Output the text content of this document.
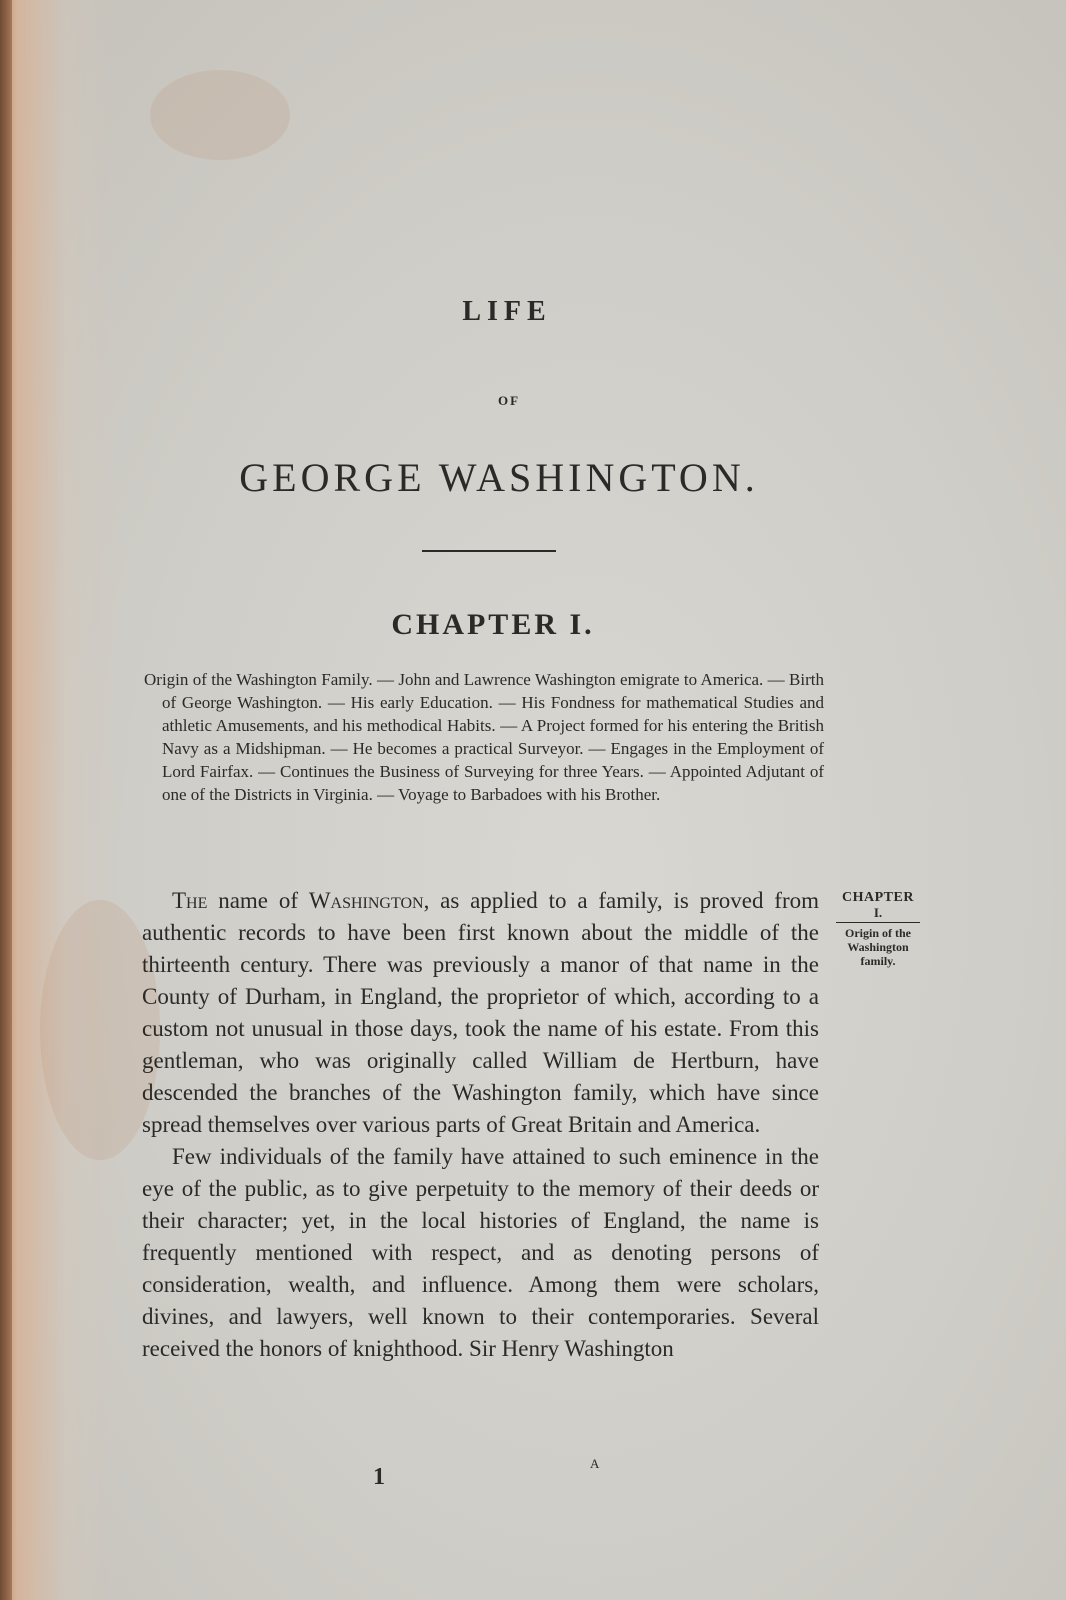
LIFE
OF
GEORGE WASHINGTON.
CHAPTER I.

Origin of the Washington Family. — John and Lawrence Washington emigrate to America. — Birth of George Washington. — His early Education. — His Fondness for mathematical Studies and athletic Amusements, and his methodical Habits. — A Project formed for his entering the British Navy as a Midshipman. — He becomes a practical Surveyor. — Engages in the Employment of Lord Fairfax. — Continues the Business of Surveying for three Years. — Appointed Adjutant of one of the Districts in Virginia. — Voyage to Barbadoes with his Brother.

The name of Washington, as applied to a family, is proved from authentic records to have been first known about the middle of the thirteenth century. There was previously a manor of that name in the County of Durham, in England, the proprietor of which, according to a custom not unusual in those days, took the name of his estate. From this gentleman, who was originally called William de Hertburn, have descended the branches of the Washington family, which have since spread themselves over various parts of Great Britain and America.

Few individuals of the family have attained to such eminence in the eye of the public, as to give perpetuity to the memory of their deeds or their character; yet, in the local histories of England, the name is frequently mentioned with respect, and as denoting persons of consideration, wealth, and influence. Among them were scholars, divines, and lawyers, well known to their contemporaries. Several received the honors of knighthood. Sir Henry Washington

CHAPTER
I.
Origin of the Washington family.
1
A
